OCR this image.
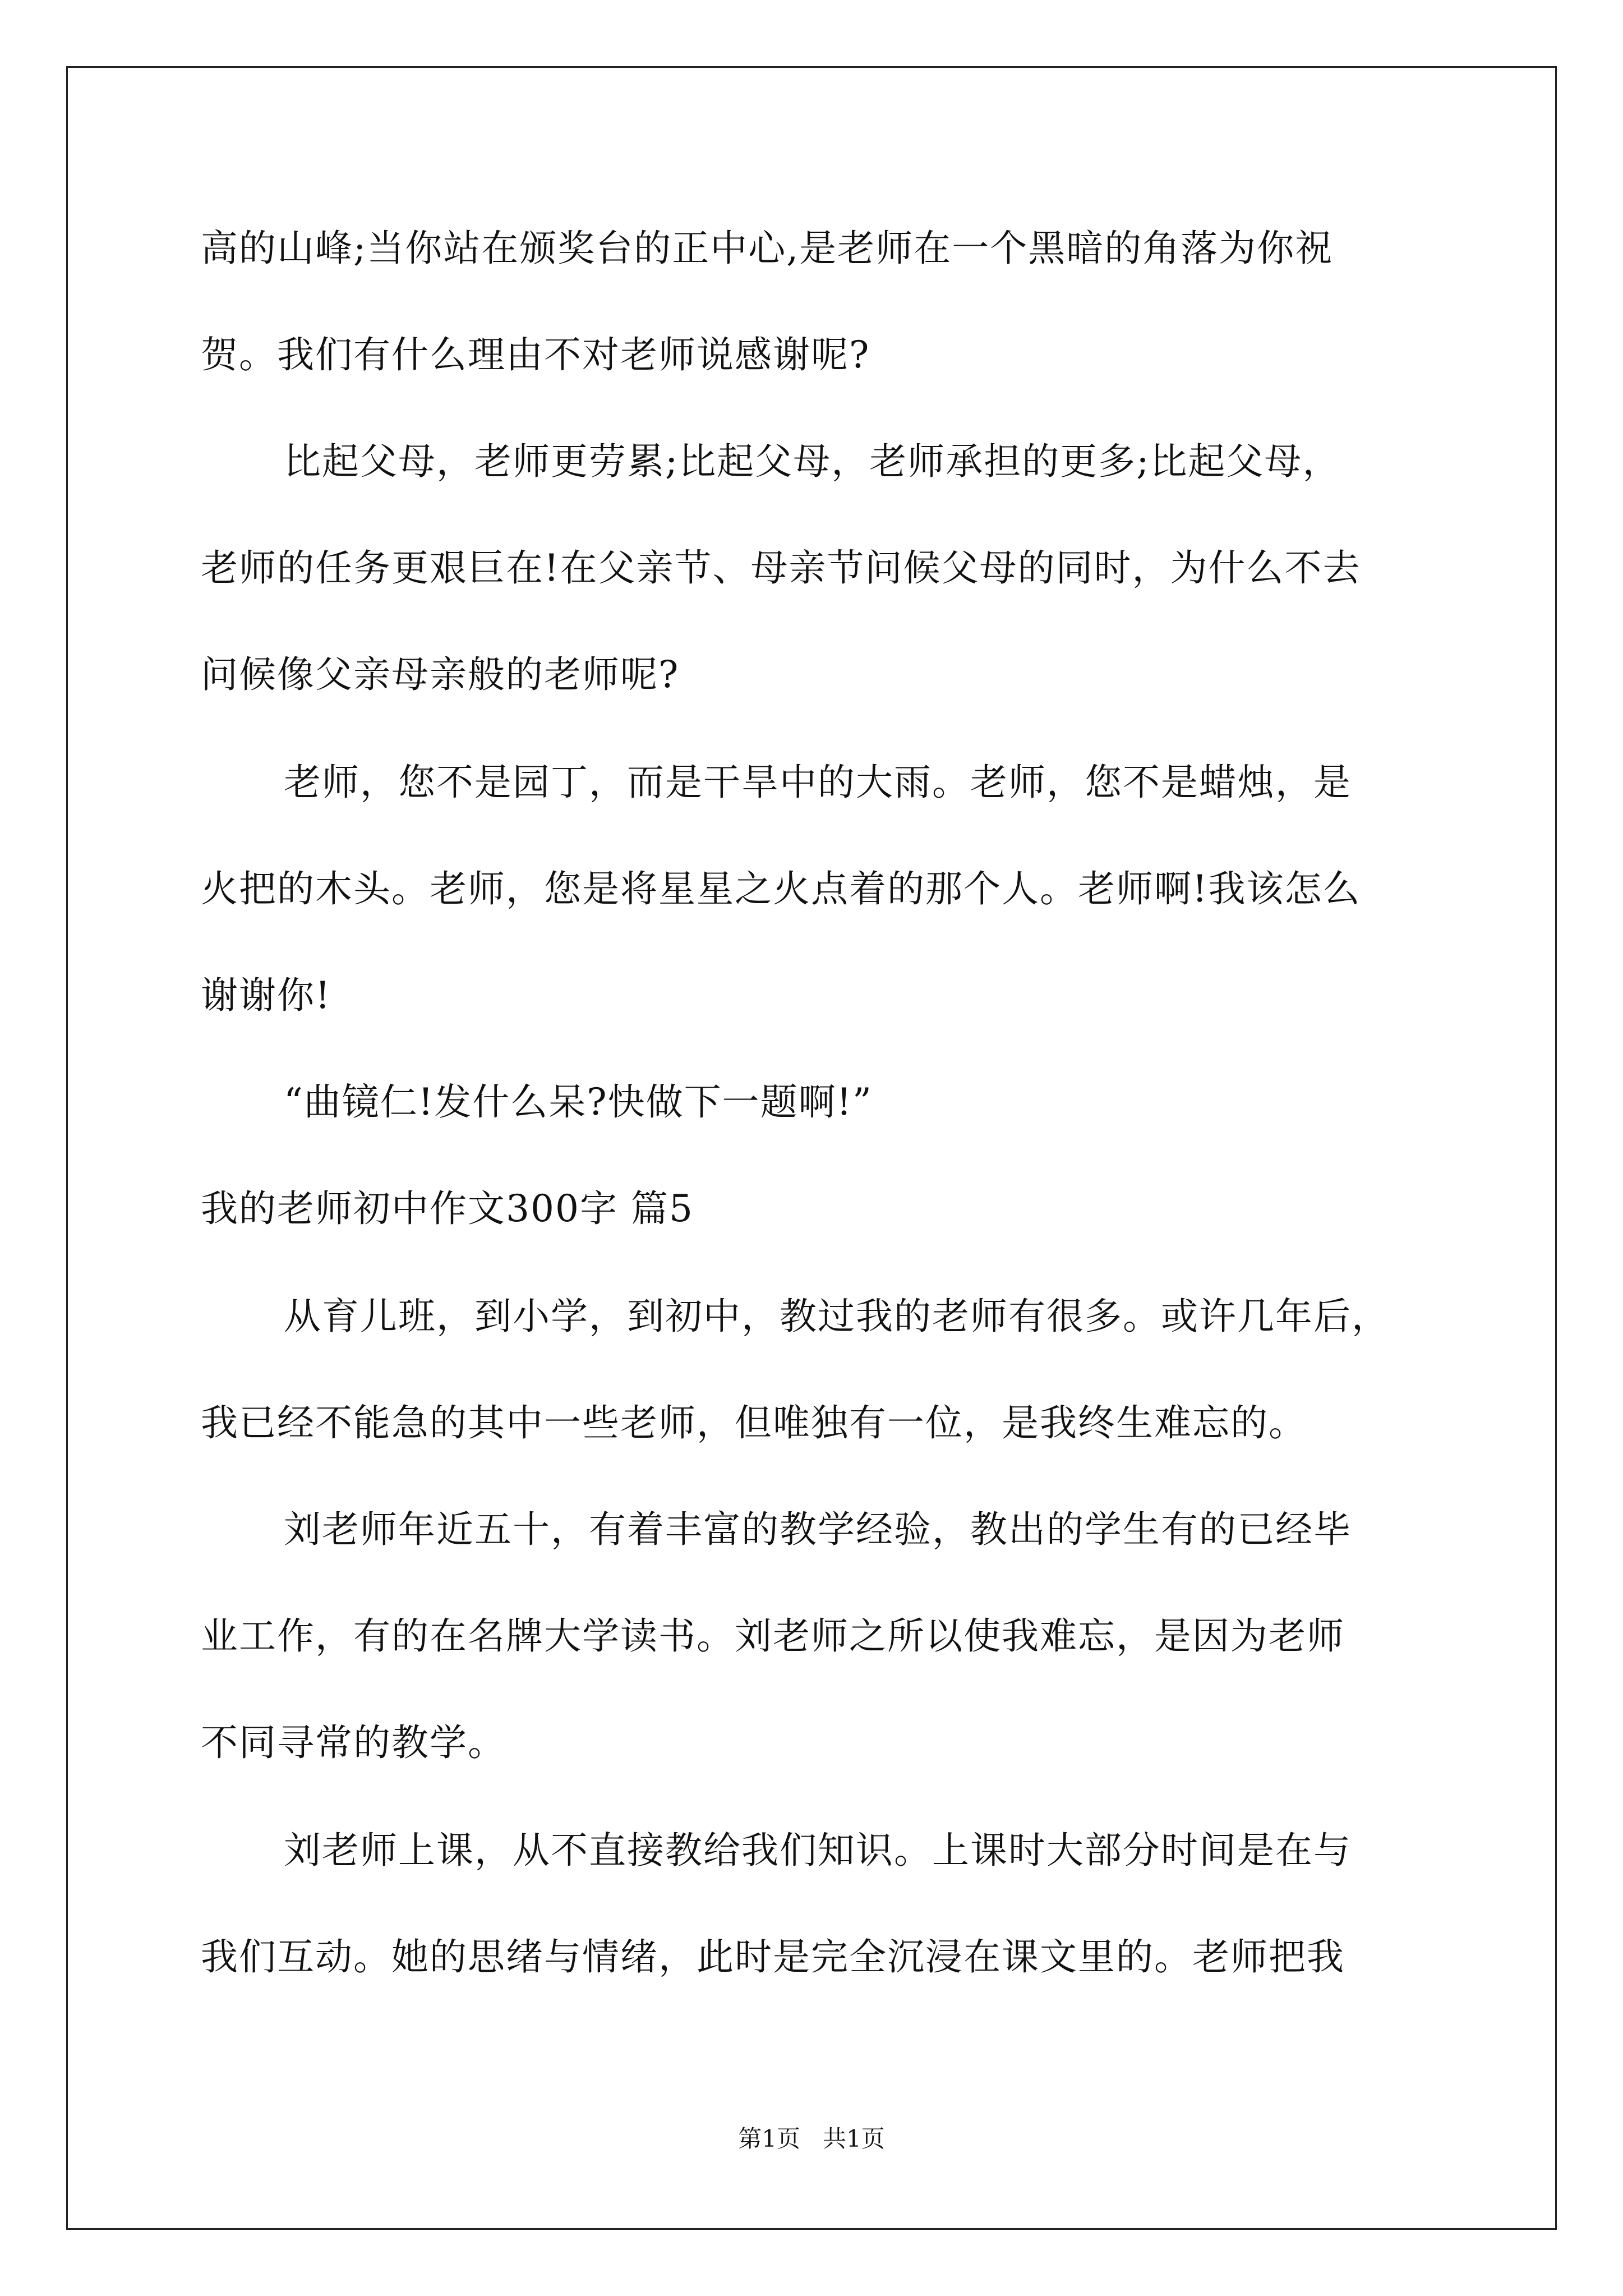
高的山峰;当你站在颁奖台的正中心,是老师在一个黑暗的角落为你祝
贺。我们有什么理由不对老师说感谢呢?
比起父母，老师更劳累;比起父母，老师承担的更多;比起父母，
老师的任务更艰巨在!在父亲节、母亲节问候父母的同时，为什么不去
问候像父亲母亲般的老师呢?
老师，您不是园丁，而是干旱中的大雨。老师，您不是蜡烛，是
火把的木头。老师，您是将星星之火点着的那个人。老师啊!我该怎么
谢谢你!
“曲镜仁!发什么呆?快做下一题啊!”
我的老师初中作文300字 篇5
从育儿班，到小学，到初中，教过我的老师有很多。或许几年后，
我已经不能急的其中一些老师，但唯独有一位，是我终生难忘的。
刘老师年近五十，有着丰富的教学经验，教出的学生有的已经毕
业工作，有的在名牌大学读书。刘老师之所以使我难忘，是因为老师
不同寻常的教学。
刘老师上课，从不直接教给我们知识。上课时大部分时间是在与
我们互动。她的思绪与情绪，此时是完全沉浸在课文里的。老师把我
第1页   共1页
